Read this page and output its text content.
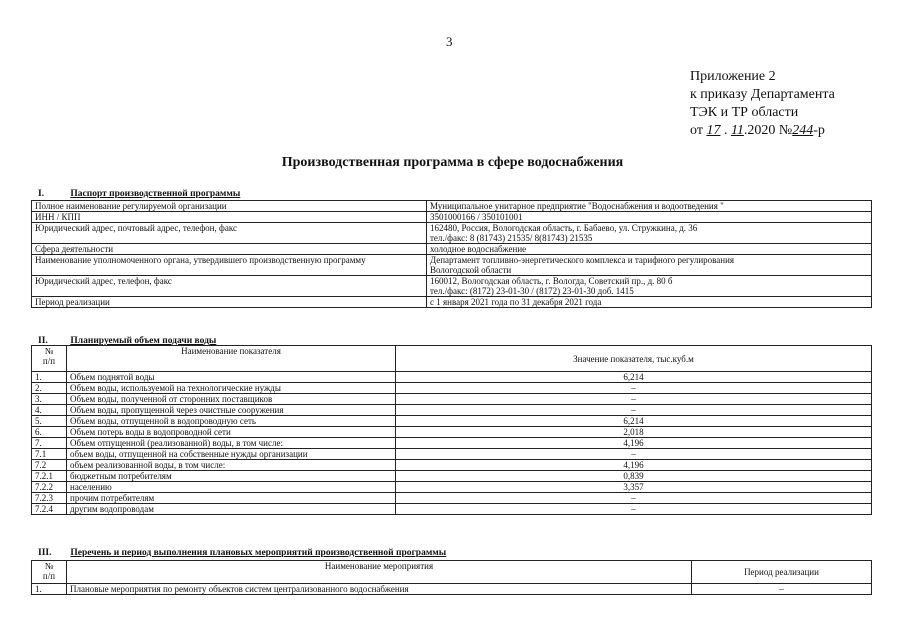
3
Приложение 2
к приказу Департамента
ТЭК и ТР области
от 17 . 11.2020 №244-р
Производственная программа в сфере водоснабжения
I.	Паспорт производственной программы
Полное наименование регулируемой организации	Муниципальное унитарное предприятие "Водоснабжения и водоотведения "
ИНН / КПП	3501000166 / 350101001
Юридический адрес, почтовый адрес, телефон, факс	162480, Россия, Вологодская область, г. Бабаево, ул. Стружкина, д. 36
тел./факс: 8 (81743) 21535/ 8(81743) 21535
Сфера деятельности	холодное водоснабжение
Наименование уполномоченного органа, утвердившего производственную программу	Департамент топливно-энергетического комплекса и тарифного регулирования
Вологодской области
Юридический адрес, телефон, факс	160012, Вологодская область, г. Вологда, Советский пр., д. 80 б
тел./факс: (8172) 23-01-30 / (8172) 23-01-30 доб. 1415
Период реализации	с 1 января 2021 года по 31 декабря 2021 года
II. Планируемый объем подачи воды
№
п/п	Наименование показателя	Значение показателя, тыс.куб.м
1.	Объем поднятой воды	6,214
2.	Объем воды, используемой на технологические нужды	–
3.	Объем воды, полученной от сторонних поставщиков	–
4.	Объем воды, пропущенной через очистные сооружения	–
5.	Объем воды, отпущенной в водопроводную сеть	6,214
6.	Объем потерь воды в водопроводной сети	2,018
7.	Объем отпущенной (реализованной) воды, в том числе:	4,196
7.1	объем воды, отпущенной на собственные нужды организации	–
7.2	объем реализованной воды, в том числе:	4,196
7.2.1	бюджетным потребителям	0,839
7.2.2	населению	3,357
7.2.3	прочим потребителям	–
7.2.4	другим водопроводам	–
III. Перечень и период выполнения плановых мероприятий производственной программы
№
п/п	Наименование мероприятия	Период реализации
1.	Плановые мероприятия по ремонту объектов систем централизованного водоснабжения	–
